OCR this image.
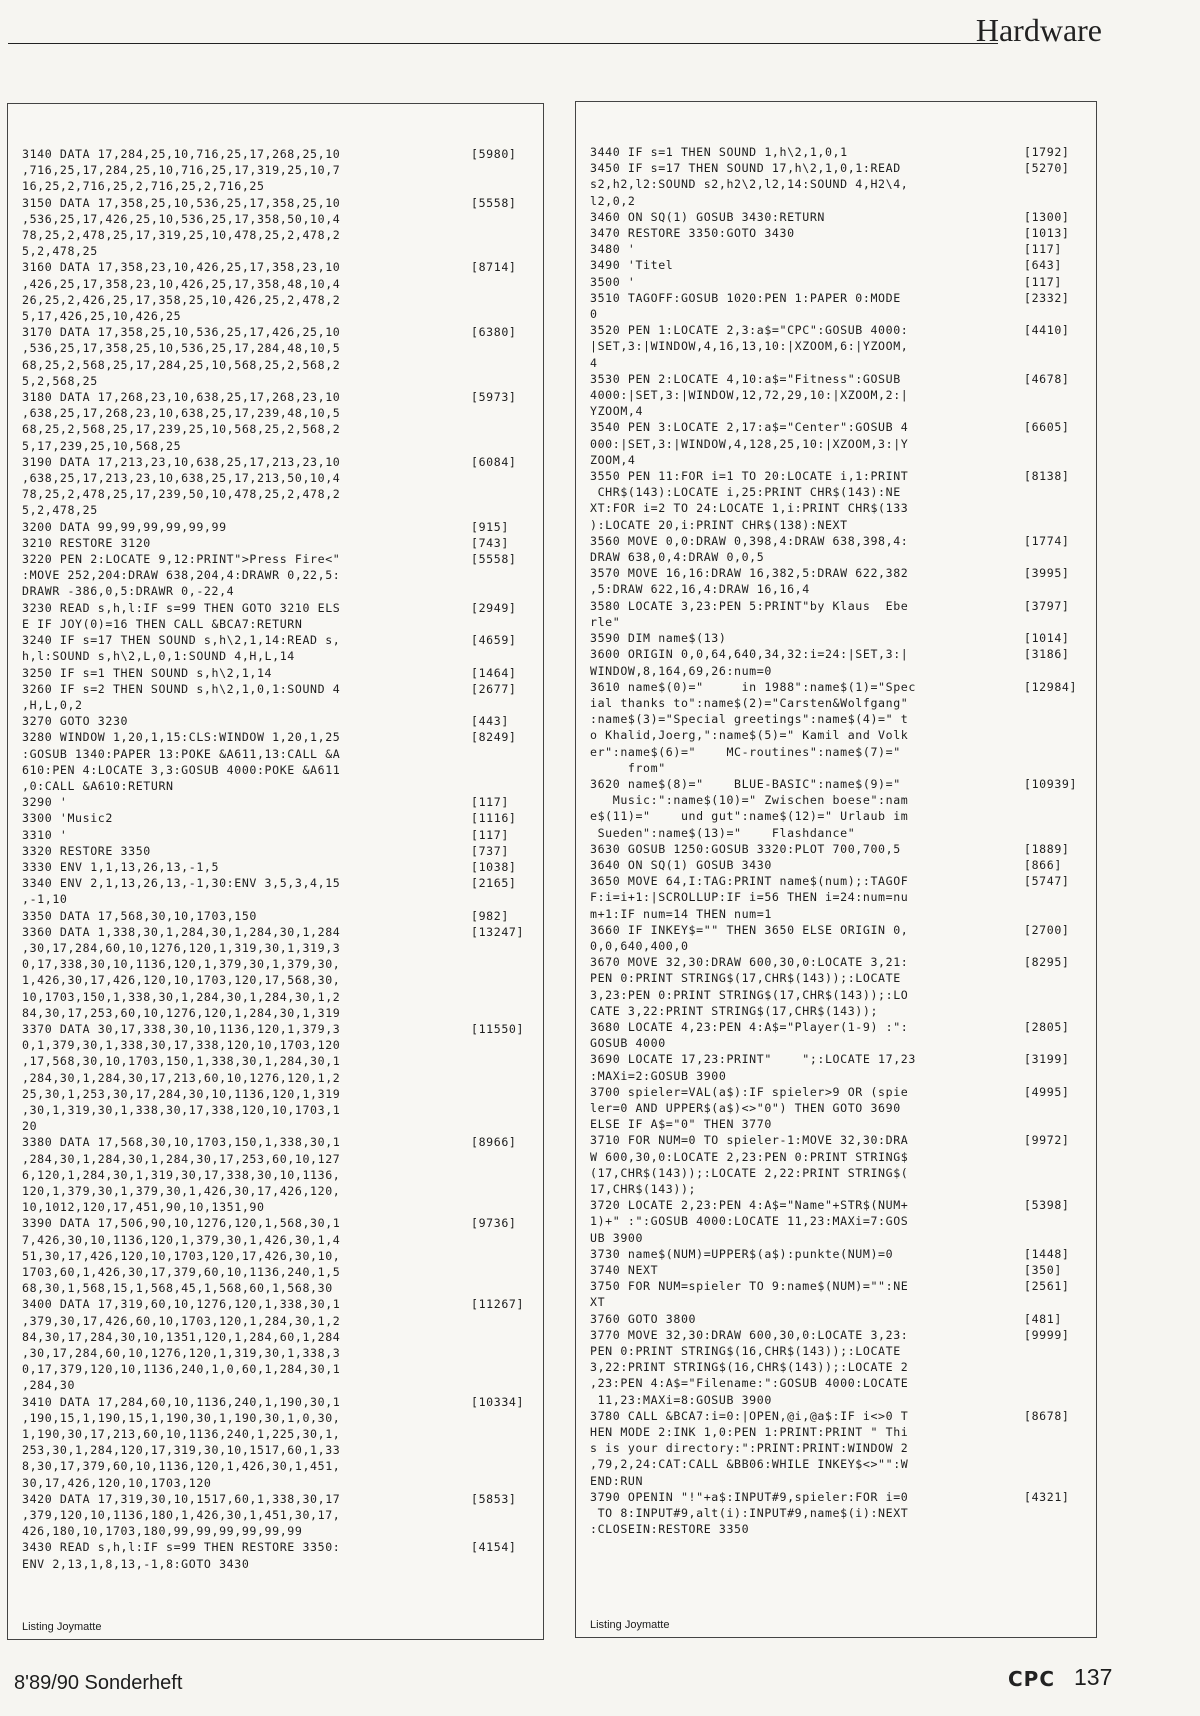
Hardware
3140 DATA 17,284,25,10,716,25,17,268,25,10	[5980]
,716,25,17,284,25,10,716,25,17,319,25,10,7
16,25,2,716,25,2,716,25,2,716,25
3150 DATA 17,358,25,10,536,25,17,358,25,10	[5558]
,536,25,17,426,25,10,536,25,17,358,50,10,4
78,25,2,478,25,17,319,25,10,478,25,2,478,2
5,2,478,25
3160 DATA 17,358,23,10,426,25,17,358,23,10	[8714]
,426,25,17,358,23,10,426,25,17,358,48,10,4
26,25,2,426,25,17,358,25,10,426,25,2,478,2
5,17,426,25,10,426,25
3170 DATA 17,358,25,10,536,25,17,426,25,10	[6380]
,536,25,17,358,25,10,536,25,17,284,48,10,5
68,25,2,568,25,17,284,25,10,568,25,2,568,2
5,2,568,25
3180 DATA 17,268,23,10,638,25,17,268,23,10	[5973]
,638,25,17,268,23,10,638,25,17,239,48,10,5
68,25,2,568,25,17,239,25,10,568,25,2,568,2
5,17,239,25,10,568,25
3190 DATA 17,213,23,10,638,25,17,213,23,10	[6084]
,638,25,17,213,23,10,638,25,17,213,50,10,4
78,25,2,478,25,17,239,50,10,478,25,2,478,2
5,2,478,25
3200 DATA 99,99,99,99,99,99	[915]
3210 RESTORE 3120	[743]
3220 PEN 2:LOCATE 9,12:PRINT">Press Fire<"	[5558]
:MOVE 252,204:DRAW 638,204,4:DRAWR 0,22,5:
DRAWR -386,0,5:DRAWR 0,-22,4
3230 READ s,h,l:IF s=99 THEN GOTO 3210 ELS	[2949]
E IF JOY(0)=16 THEN CALL &BCA7:RETURN
3240 IF s=17 THEN SOUND s,h\2,1,14:READ s,	[4659]
h,l:SOUND s,h\2,L,0,1:SOUND 4,H,L,14
3250 IF s=1 THEN SOUND s,h\2,1,14	[1464]
3260 IF s=2 THEN SOUND s,h\2,1,0,1:SOUND 4	[2677]
,H,L,0,2
3270 GOTO 3230	[443]
3280 WINDOW 1,20,1,15:CLS:WINDOW 1,20,1,25	[8249]
:GOSUB 1340:PAPER 13:POKE &A611,13:CALL &A
610:PEN 4:LOCATE 3,3:GOSUB 4000:POKE &A611
,0:CALL &A610:RETURN
3290 '	[117]
3300 'Music2	[1116]
3310 '	[117]
3320 RESTORE 3350	[737]
3330 ENV 1,1,13,26,13,-1,5	[1038]
3340 ENV 2,1,13,26,13,-1,30:ENV 3,5,3,4,15	[2165]
,-1,10
3350 DATA 17,568,30,10,1703,150	[982]
3360 DATA 1,338,30,1,284,30,1,284,30,1,284	[13247]
,30,17,284,60,10,1276,120,1,319,30,1,319,3
0,17,338,30,10,1136,120,1,379,30,1,379,30,
1,426,30,17,426,120,10,1703,120,17,568,30,
10,1703,150,1,338,30,1,284,30,1,284,30,1,2
84,30,17,253,60,10,1276,120,1,284,30,1,319
3370 DATA 30,17,338,30,10,1136,120,1,379,3	[11550]
0,1,379,30,1,338,30,17,338,120,10,1703,120
,17,568,30,10,1703,150,1,338,30,1,284,30,1
,284,30,1,284,30,17,213,60,10,1276,120,1,2
25,30,1,253,30,17,284,30,10,1136,120,1,319
,30,1,319,30,1,338,30,17,338,120,10,1703,1
20
3380 DATA 17,568,30,10,1703,150,1,338,30,1	[8966]
,284,30,1,284,30,1,284,30,17,253,60,10,127
6,120,1,284,30,1,319,30,17,338,30,10,1136,
120,1,379,30,1,379,30,1,426,30,17,426,120,
10,1012,120,17,451,90,10,1351,90
3390 DATA 17,506,90,10,1276,120,1,568,30,1	[9736]
7,426,30,10,1136,120,1,379,30,1,426,30,1,4
51,30,17,426,120,10,1703,120,17,426,30,10,
1703,60,1,426,30,17,379,60,10,1136,240,1,5
68,30,1,568,15,1,568,45,1,568,60,1,568,30
3400 DATA 17,319,60,10,1276,120,1,338,30,1	[11267]
,379,30,17,426,60,10,1703,120,1,284,30,1,2
84,30,17,284,30,10,1351,120,1,284,60,1,284
,30,17,284,60,10,1276,120,1,319,30,1,338,3
0,17,379,120,10,1136,240,1,0,60,1,284,30,1
,284,30
3410 DATA 17,284,60,10,1136,240,1,190,30,1	[10334]
,190,15,1,190,15,1,190,30,1,190,30,1,0,30,
1,190,30,17,213,60,10,1136,240,1,225,30,1,
253,30,1,284,120,17,319,30,10,1517,60,1,33
8,30,17,379,60,10,1136,120,1,426,30,1,451,
30,17,426,120,10,1703,120
3420 DATA 17,319,30,10,1517,60,1,338,30,17	[5853]
,379,120,10,1136,180,1,426,30,1,451,30,17,
426,180,10,1703,180,99,99,99,99,99,99
3430 READ s,h,l:IF s=99 THEN RESTORE 3350:	[4154]
ENV 2,13,1,8,13,-1,8:GOTO 3430
Listing Joymatte
3440 IF s=1 THEN SOUND 1,h\2,1,0,1	[1792]
3450 IF s=17 THEN SOUND 17,h\2,1,0,1:READ	[5270]
s2,h2,l2:SOUND s2,h2\2,l2,14:SOUND 4,H2\4,
l2,0,2
3460 ON SQ(1) GOSUB 3430:RETURN	[1300]
3470 RESTORE 3350:GOTO 3430	[1013]
3480 '	[117]
3490 'Titel	[643]
3500 '	[117]
3510 TAGOFF:GOSUB 1020:PEN 1:PAPER 0:MODE	[2332]
0
3520 PEN 1:LOCATE 2,3:a$="CPC":GOSUB 4000:	[4410]
|SET,3:|WINDOW,4,16,13,10:|XZOOM,6:|YZOOM,
4
3530 PEN 2:LOCATE 4,10:a$="Fitness":GOSUB	[4678]
4000:|SET,3:|WINDOW,12,72,29,10:|XZOOM,2:|
YZOOM,4
3540 PEN 3:LOCATE 2,17:a$="Center":GOSUB 4	[6605]
000:|SET,3:|WINDOW,4,128,25,10:|XZOOM,3:|Y
ZOOM,4
3550 PEN 11:FOR i=1 TO 20:LOCATE i,1:PRINT	[8138]
CHR$(143):LOCATE i,25:PRINT CHR$(143):NE
XT:FOR i=2 TO 24:LOCATE 1,i:PRINT CHR$(133
):LOCATE 20,i:PRINT CHR$(138):NEXT
3560 MOVE 0,0:DRAW 0,398,4:DRAW 638,398,4:	[1774]
DRAW 638,0,4:DRAW 0,0,5
3570 MOVE 16,16:DRAW 16,382,5:DRAW 622,382	[3995]
,5:DRAW 622,16,4:DRAW 16,16,4
3580 LOCATE 3,23:PEN 5:PRINT"by Klaus  Ebe	[3797]
rle"
3590 DIM name$(13)	[1014]
3600 ORIGIN 0,0,64,640,34,32:i=24:|SET,3:|	[3186]
WINDOW,8,164,69,26:num=0
3610 name$(0)="     in 1988":name$(1)="Spec	[12984]
ial thanks to":name$(2)="Carsten&Wolfgang"
:name$(3)="Special greetings":name$(4)=" t
o Khalid,Joerg,":name$(5)=" Kamil and Volk
er":name$(6)="    MC-routines":name$(7)="
from"
3620 name$(8)="    BLUE-BASIC":name$(9)="	[10939]
Music:":name$(10)=" Zwischen boese":nam
e$(11)="    und gut":name$(12)=" Urlaub im
Sueden":name$(13)="    Flashdance"
3630 GOSUB 1250:GOSUB 3320:PLOT 700,700,5	[1889]
3640 ON SQ(1) GOSUB 3430	[866]
3650 MOVE 64,I:TAG:PRINT name$(num);:TAGOF	[5747]
F:i=i+1:|SCROLLUP:IF i=56 THEN i=24:num=nu
m+1:IF num=14 THEN num=1
3660 IF INKEY$="" THEN 3650 ELSE ORIGIN 0,	[2700]
0,0,640,400,0
3670 MOVE 32,30:DRAW 600,30,0:LOCATE 3,21:	[8295]
PEN 0:PRINT STRING$(17,CHR$(143));:LOCATE
3,23:PEN 0:PRINT STRING$(17,CHR$(143));:LO
CATE 3,22:PRINT STRING$(17,CHR$(143));
3680 LOCATE 4,23:PEN 4:A$="Player(1-9) :":	[2805]
GOSUB 4000
3690 LOCATE 17,23:PRINT"    ";:LOCATE 17,23	[3199]
:MAXi=2:GOSUB 3900
3700 spieler=VAL(a$):IF spieler>9 OR (spie	[4995]
ler=0 AND UPPER$(a$)<>"0") THEN GOTO 3690
ELSE IF A$="0" THEN 3770
3710 FOR NUM=0 TO spieler-1:MOVE 32,30:DRA	[9972]
W 600,30,0:LOCATE 2,23:PEN 0:PRINT STRING$
(17,CHR$(143));:LOCATE 2,22:PRINT STRING$(
17,CHR$(143));
3720 LOCATE 2,23:PEN 4:A$="Name"+STR$(NUM+	[5398]
1)+" :":GOSUB 4000:LOCATE 11,23:MAXi=7:GOS
UB 3900
3730 name$(NUM)=UPPER$(a$):punkte(NUM)=0	[1448]
3740 NEXT	[350]
3750 FOR NUM=spieler TO 9:name$(NUM)="":NE	[2561]
XT
3760 GOTO 3800	[481]
3770 MOVE 32,30:DRAW 600,30,0:LOCATE 3,23:	[9999]
PEN 0:PRINT STRING$(16,CHR$(143));:LOCATE
3,22:PRINT STRING$(16,CHR$(143));:LOCATE 2
,23:PEN 4:A$="Filename:":GOSUB 4000:LOCATE
11,23:MAXi=8:GOSUB 3900
3780 CALL &BCA7:i=0:|OPEN,@i,@a$:IF i<>0 T	[8678]
HEN MODE 2:INK 1,0:PEN 1:PRINT:PRINT " Thi
s is your directory:":PRINT:PRINT:WINDOW 2
,79,2,24:CAT:CALL &BB06:WHILE INKEY$<>"":W
END:RUN
3790 OPENIN "!"+a$:INPUT#9,spieler:FOR i=0	[4321]
TO 8:INPUT#9,alt(i):INPUT#9,name$(i):NEXT
:CLOSEIN:RESTORE 3350
Listing Joymatte
8'89/90 Sonderheft	CPC 137
